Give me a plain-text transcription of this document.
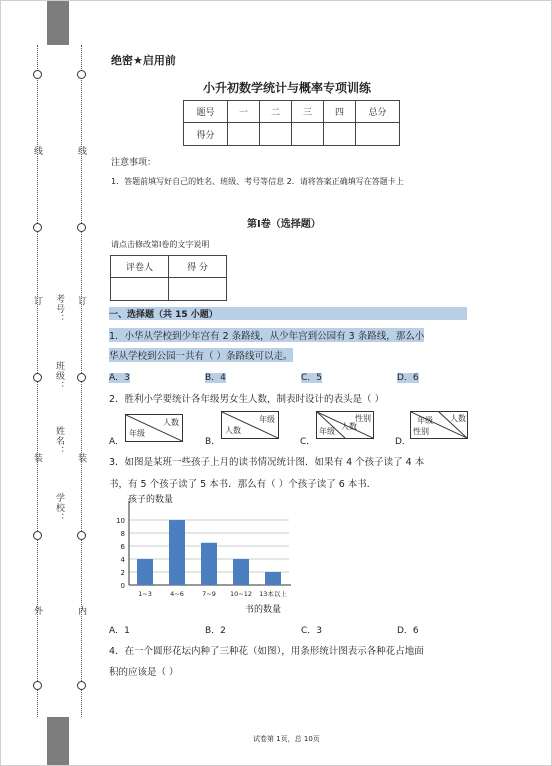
外
装
订
线
内
装
订
线
学校：
姓名：
班级：
考号：
绝密★启用前
小升初数学统计与概率专项训练
题号	一	二	三	四	总分
得分					
注意事项：
1．答题前填写好自己的姓名、班级、考号等信息 2．请将答案正确填写在答题卡上
第I卷（选择题）
请点击修改第I卷的文字说明
评卷人	得 分

一、选择题（共 15 小题）
1．小华从学校到少年宫有 2 条路线，从少年宫到公园有 3 条路线，那么小
华从学校到公园一共有（ ）条路线可以走。
A．3	B．4	C．5	D．6
2．胜利小学要统计各年级男女生人数，制表时设计的表头是（ ）
A．
人数
年级
B．
年级
人数
C．
性别
人数
年级
D．
人数
年级
性别
3．如图是某班一些孩子上月的读书情况统计图．如果有 4 个孩子读了 4 本
书，有 5 个孩子读了 5 本书．那么有（ ）个孩子读了 6 本书．
孩子的数量
0
2
4
6
8
10
1~3	4~6	7~9 10~12 13本以上
书的数量
A．1	B．2	C．3	D．6
4．在一个圆形花坛内种了三种花（如图），用条形统计图表示各种花占地面
积的应该是（ ）
试卷第 1页，总 10页
